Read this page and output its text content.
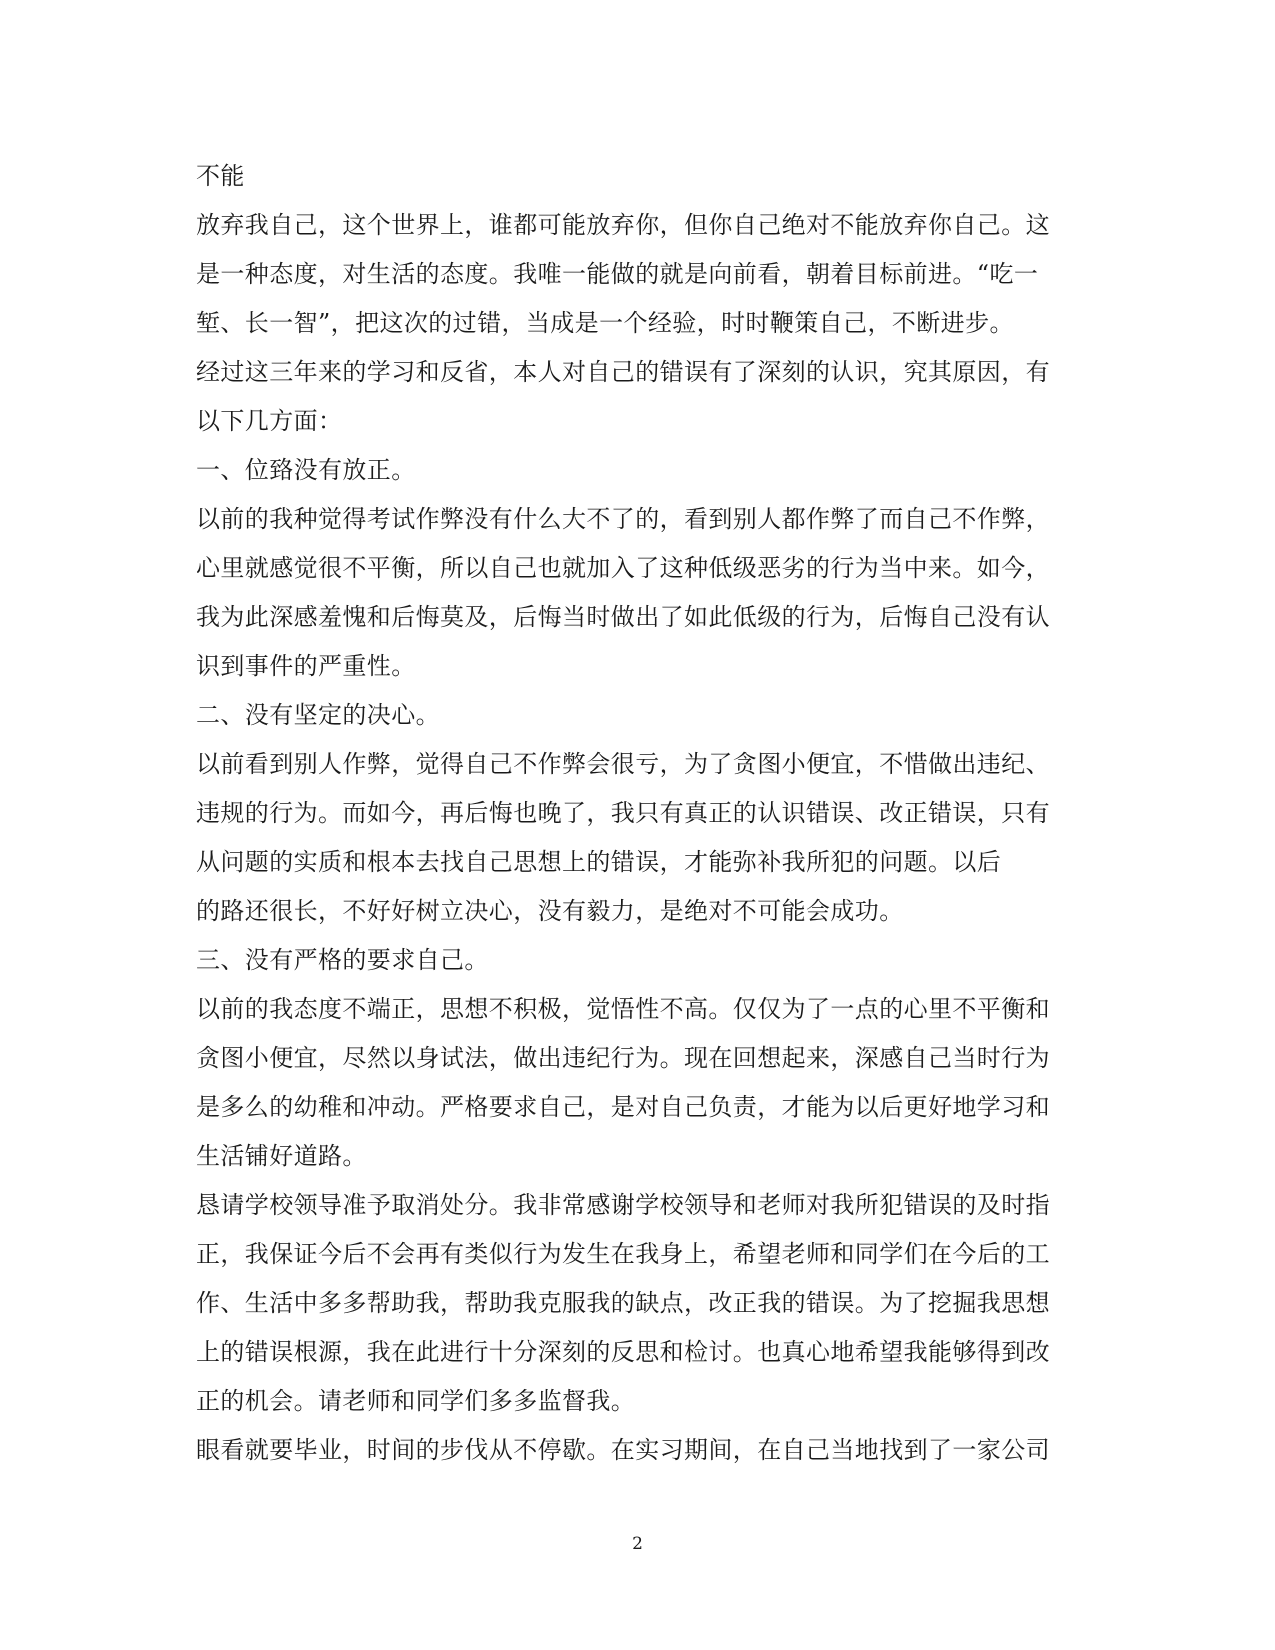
不能
放弃我自己，这个世界上，谁都可能放弃你，但你自己绝对不能放弃你自己。这
是一种态度，对生活的态度。我唯一能做的就是向前看，朝着目标前进。“吃一
堑、长一智”，把这次的过错，当成是一个经验，时时鞭策自己，不断进步。
经过这三年来的学习和反省，本人对自己的错误有了深刻的认识，究其原因，有
以下几方面：
一、位臵没有放正。
以前的我种觉得考试作弊没有什么大不了的，看到别人都作弊了而自己不作弊，
心里就感觉很不平衡，所以自己也就加入了这种低级恶劣的行为当中来。如今，
我为此深感羞愧和后悔莫及，后悔当时做出了如此低级的行为，后悔自己没有认
识到事件的严重性。
二、没有坚定的决心。
以前看到别人作弊，觉得自己不作弊会很亏，为了贪图小便宜，不惜做出违纪、
违规的行为。而如今，再后悔也晚了，我只有真正的认识错误、改正错误，只有
从问题的实质和根本去找自己思想上的错误，才能弥补我所犯的问题。以后
的路还很长，不好好树立决心，没有毅力，是绝对不可能会成功。
三、没有严格的要求自己。
以前的我态度不端正，思想不积极，觉悟性不高。仅仅为了一点的心里不平衡和
贪图小便宜，尽然以身试法，做出违纪行为。现在回想起来，深感自己当时行为
是多么的幼稚和冲动。严格要求自己，是对自己负责，才能为以后更好地学习和
生活铺好道路。
恳请学校领导准予取消处分。我非常感谢学校领导和老师对我所犯错误的及时指
正，我保证今后不会再有类似行为发生在我身上，希望老师和同学们在今后的工
作、生活中多多帮助我，帮助我克服我的缺点，改正我的错误。为了挖掘我思想
上的错误根源，我在此进行十分深刻的反思和检讨。也真心地希望我能够得到改
正的机会。请老师和同学们多多监督我。
眼看就要毕业，时间的步伐从不停歇。在实习期间，在自己当地找到了一家公司
2
